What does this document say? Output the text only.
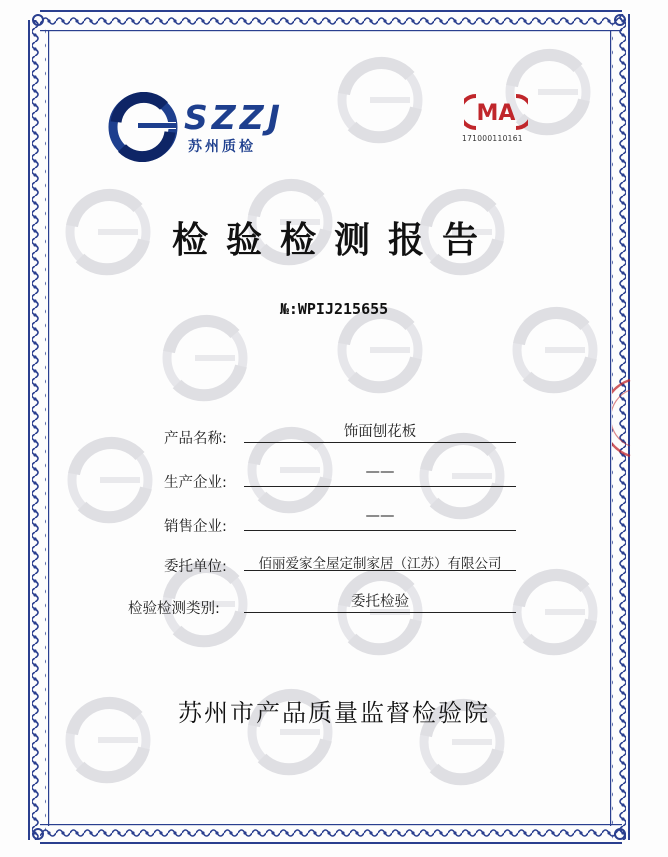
SZZJ
苏州质检
MA
171000110161
检验检测报告
№:WPIJ215655
产品名称:	饰面刨花板
生产企业:
——
销售企业:
——
委托单位:	佰丽爱家全屋定制家居（江苏）有限公司
检验检测类别:	委托检验
苏州市产品质量监督检验院
